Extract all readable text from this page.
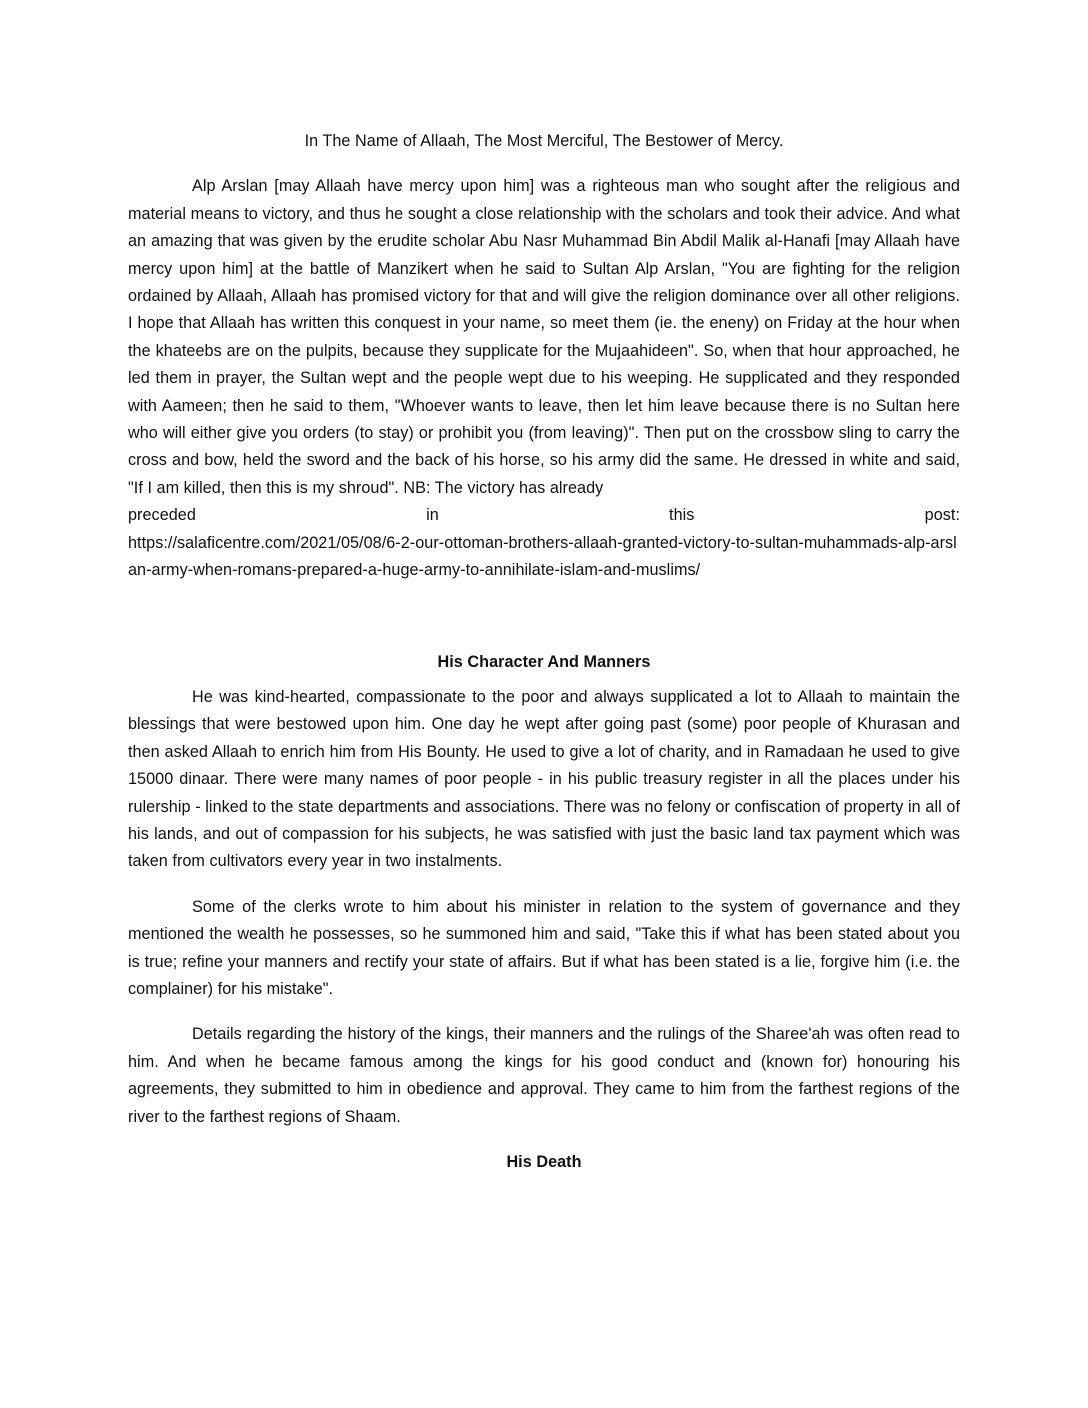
In The Name of Allaah, The Most Merciful, The Bestower of Mercy.

Alp Arslan [may Allaah have mercy upon him] was a righteous man who sought after the religious and material means to victory, and thus he sought a close relationship with the scholars and took their advice. And what an amazing that was given by the erudite scholar Abu Nasr Muhammad Bin Abdil Malik al-Hanafi [may Allaah have mercy upon him] at the battle of Manzikert when he said to Sultan Alp Arslan, "You are fighting for the religion ordained by Allaah, Allaah has promised victory for that and will give the religion dominance over all other religions. I hope that Allaah has written this conquest in your name, so meet them (ie. the eneny) on Friday at the hour when the khateebs are on the pulpits, because they supplicate for the Mujaahideen". So, when that hour approached, he led them in prayer, the Sultan wept and the people wept due to his weeping. He supplicated and they responded with Aameen; then he said to them, "Whoever wants to leave, then let him leave because there is no Sultan here who will either give you orders (to stay) or prohibit you (from leaving)". Then put on the crossbow sling to carry the cross and bow, held the sword and the back of his horse, so his army did the same. He dressed in white and said, "If I am killed, then this is my shroud". NB: The victory has already

preceded in this post:
https://salaficentre.com/2021/05/08/6-2-our-ottoman-brothers-allaah-granted-victory-to-sultan-muhammads-alp-arslan-army-when-romans-prepared-a-huge-army-to-annihilate-islam-and-muslims/

His Character And Manners

He was kind-hearted, compassionate to the poor and always supplicated a lot to Allaah to maintain the blessings that were bestowed upon him. One day he wept after going past (some) poor people of Khurasan and then asked Allaah to enrich him from His Bounty. He used to give a lot of charity, and in Ramadaan he used to give 15000 dinaar. There were many names of poor people - in his public treasury register in all the places under his rulership - linked to the state departments and associations. There was no felony or confiscation of property in all of his lands, and out of compassion for his subjects, he was satisfied with just the basic land tax payment which was taken from cultivators every year in two instalments.

Some of the clerks wrote to him about his minister in relation to the system of governance and they mentioned the wealth he possesses, so he summoned him and said, "Take this if what has been stated about you is true; refine your manners and rectify your state of affairs. But if what has been stated is a lie, forgive him (i.e. the complainer) for his mistake".

Details regarding the history of the kings, their manners and the rulings of the Sharee'ah was often read to him. And when he became famous among the kings for his good conduct and (known for) honouring his agreements, they submitted to him in obedience and approval. They came to him from the farthest regions of the river to the farthest regions of Shaam.

His Death
